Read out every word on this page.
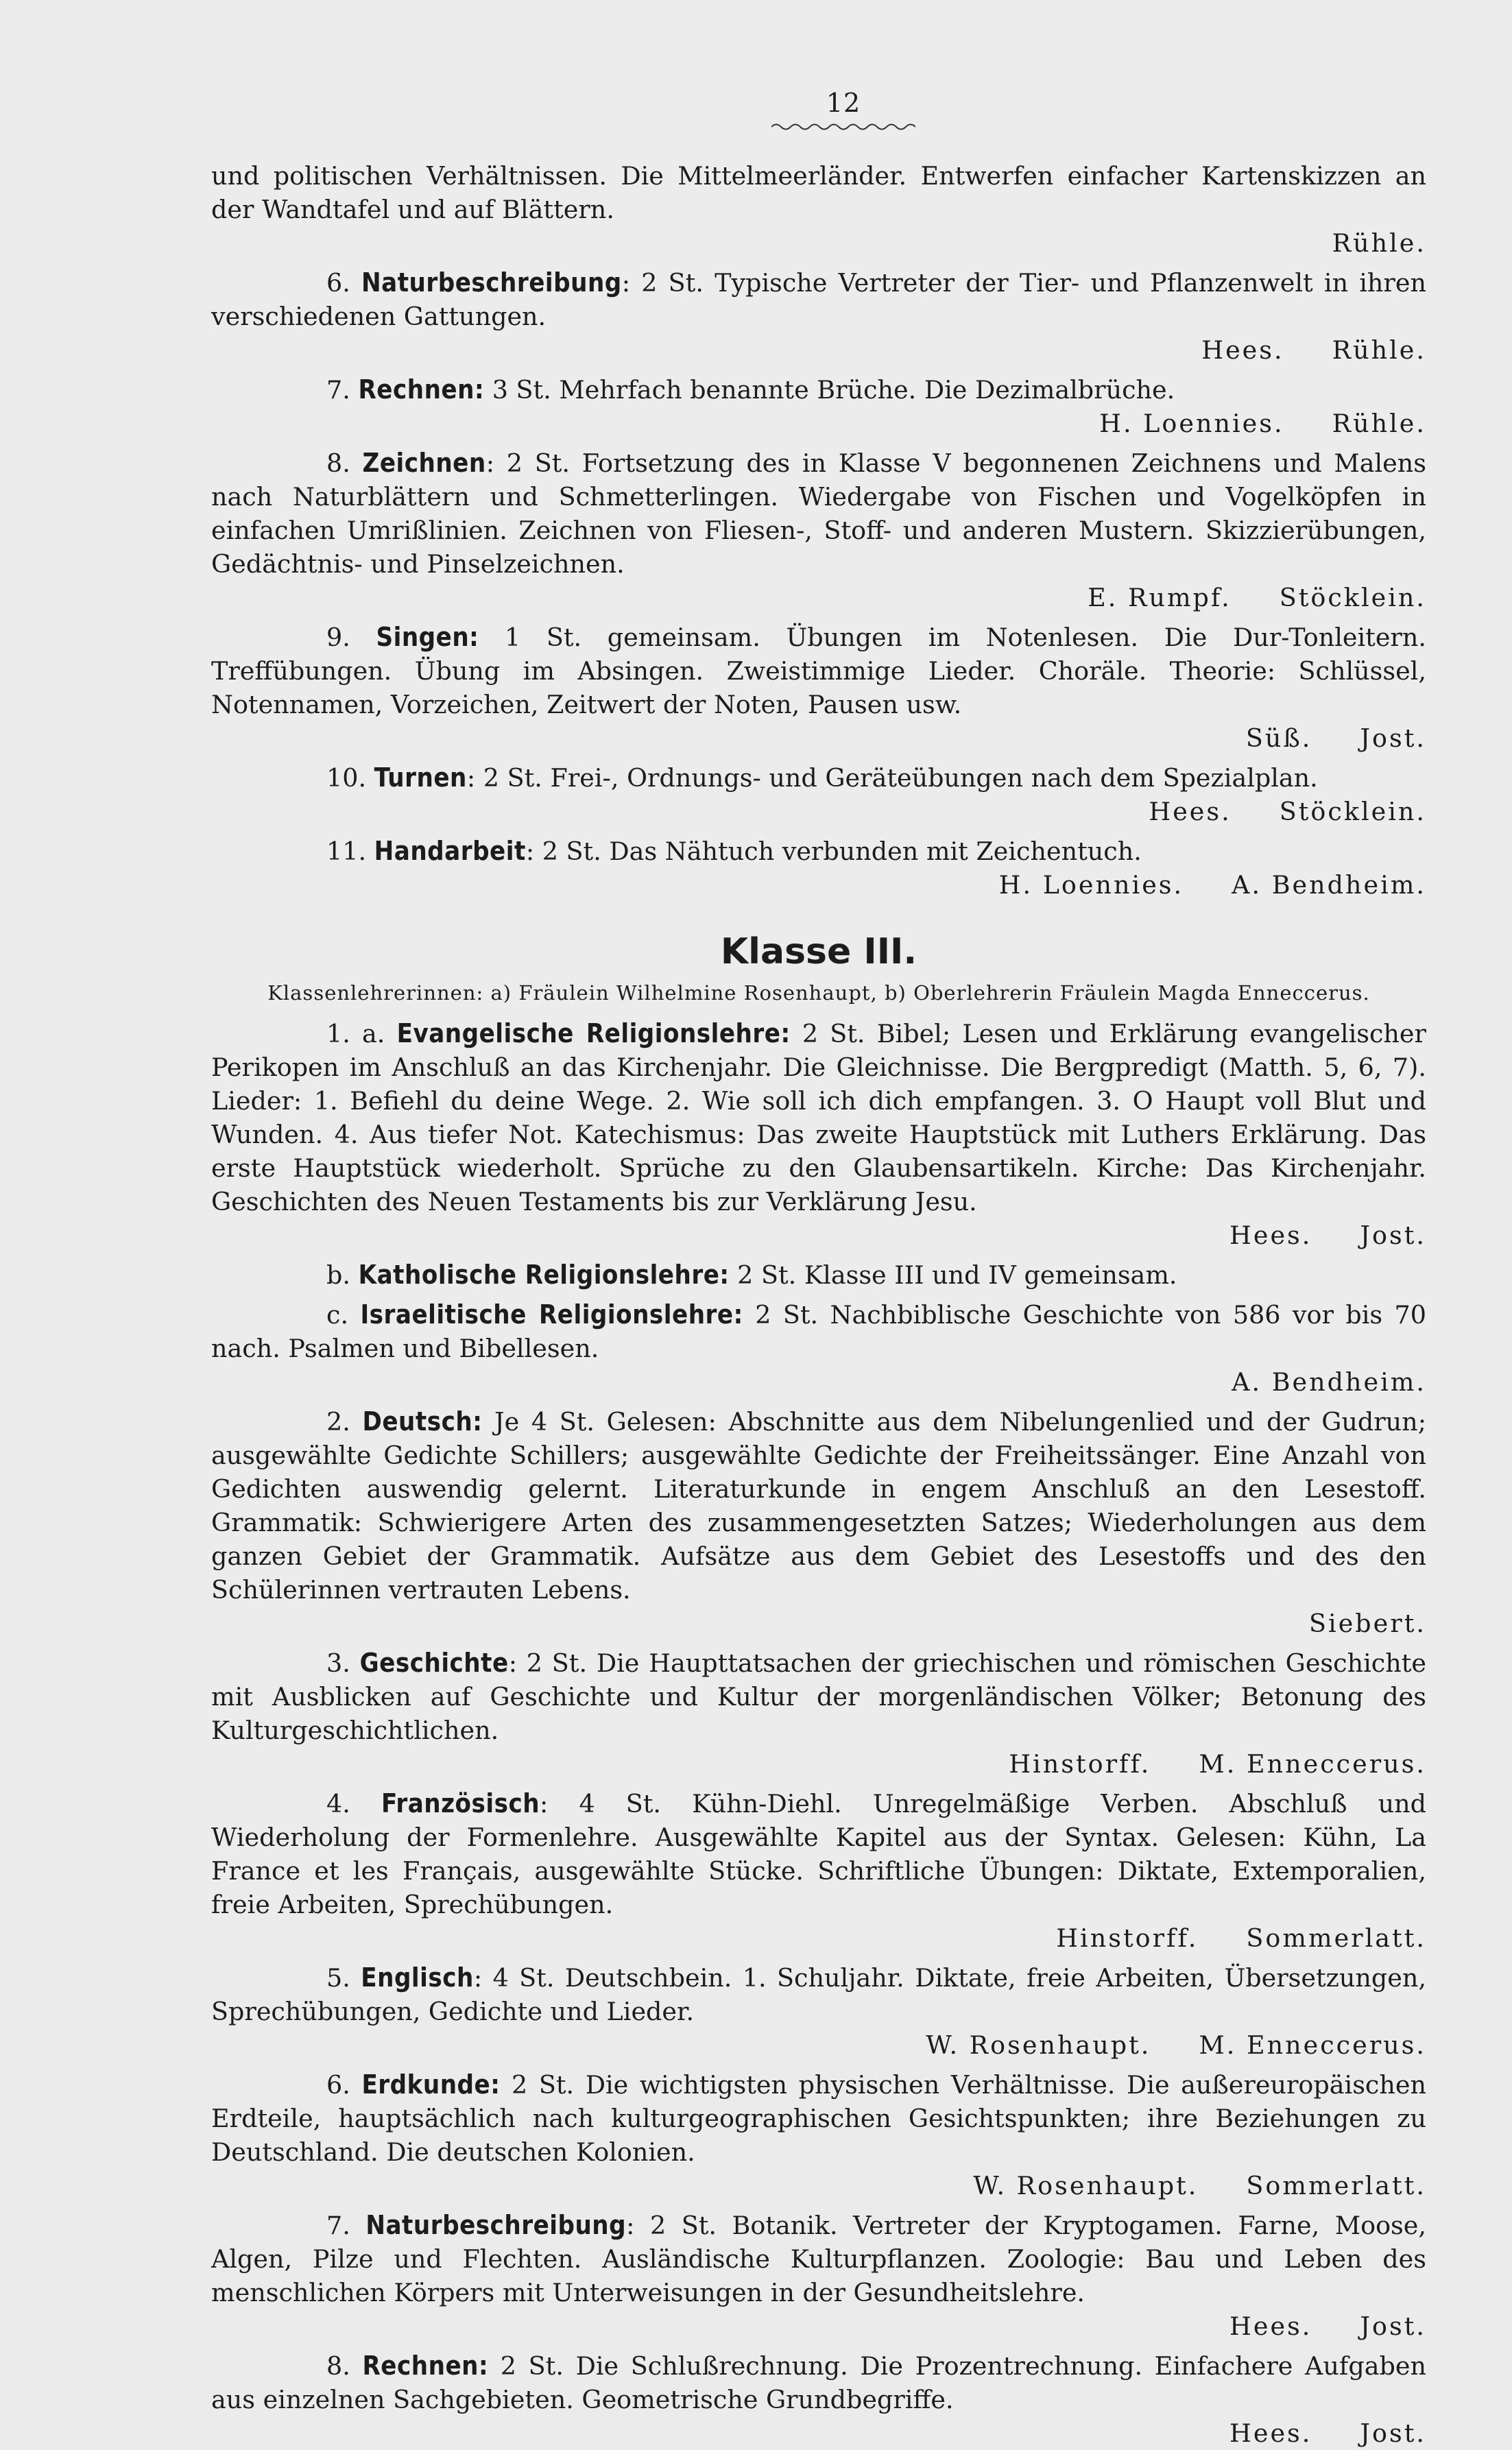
12

und politischen Verhältnissen. Die Mittelmeerländer. Entwerfen einfacher Kartenskizzen an der Wandtafel und auf Blättern.

Rühle.

6. Naturbeschreibung: 2 St. Typische Vertreter der Tier- und Pflanzenwelt in ihren verschiedenen Gattungen.

Hees. Rühle.

7. Rechnen: 3 St. Mehrfach benannte Brüche. Die Dezimalbrüche.

H. Loennies. Rühle.

8. Zeichnen: 2 St. Fortsetzung des in Klasse V begonnenen Zeichnens und Malens nach Naturblättern und Schmetterlingen. Wiedergabe von Fischen und Vogelköpfen in einfachen Umrißlinien. Zeichnen von Fliesen-, Stoff- und anderen Mustern. Skizzierübungen, Gedächtnis- und Pinselzeichnen.

E. Rumpf. Stöcklein.

9. Singen: 1 St. gemeinsam. Übungen im Notenlesen. Die Dur-Tonleitern. Treffübungen. Übung im Absingen. Zweistimmige Lieder. Choräle. Theorie: Schlüssel, Notennamen, Vorzeichen, Zeitwert der Noten, Pausen usw.

Süß. Jost.

10. Turnen: 2 St. Frei-, Ordnungs- und Geräteübungen nach dem Spezialplan.

Hees. Stöcklein.

11. Handarbeit: 2 St. Das Nähtuch verbunden mit Zeichentuch.

H. Loennies. A. Bendheim.
Klasse III.
Klassenlehrerinnen: a) Fräulein Wilhelmine Rosenhaupt, b) Oberlehrerin Fräulein Magda Enneccerus.

1. a. Evangelische Religionslehre: 2 St. Bibel; Lesen und Erklärung evangelischer Perikopen im Anschluß an das Kirchenjahr. Die Gleichnisse. Die Bergpredigt (Matth. 5, 6, 7). Lieder: 1. Befiehl du deine Wege. 2. Wie soll ich dich empfangen. 3. O Haupt voll Blut und Wunden. 4. Aus tiefer Not. Katechismus: Das zweite Hauptstück mit Luthers Erklärung. Das erste Hauptstück wiederholt. Sprüche zu den Glaubensartikeln. Kirche: Das Kirchenjahr. Geschichten des Neuen Testaments bis zur Verklärung Jesu.

Hees. Jost.

b. Katholische Religionslehre: 2 St. Klasse III und IV gemeinsam.

c. Israelitische Religionslehre: 2 St. Nachbiblische Geschichte von 586 vor bis 70 nach. Psalmen und Bibellesen.

A. Bendheim.

2. Deutsch: Je 4 St. Gelesen: Abschnitte aus dem Nibelungenlied und der Gudrun; ausgewählte Gedichte Schillers; ausgewählte Gedichte der Freiheitssänger. Eine Anzahl von Gedichten auswendig gelernt. Literaturkunde in engem Anschluß an den Lesestoff. Grammatik: Schwierigere Arten des zusammengesetzten Satzes; Wiederholungen aus dem ganzen Gebiet der Grammatik. Aufsätze aus dem Gebiet des Lesestoffs und des den Schülerinnen vertrauten Lebens.

Siebert.

3. Geschichte: 2 St. Die Haupttatsachen der griechischen und römischen Geschichte mit Ausblicken auf Geschichte und Kultur der morgenländischen Völker; Betonung des Kulturgeschichtlichen.

Hinstorff. M. Enneccerus.

4. Französisch: 4 St. Kühn-Diehl. Unregelmäßige Verben. Abschluß und Wiederholung der Formenlehre. Ausgewählte Kapitel aus der Syntax. Gelesen: Kühn, La France et les Français, ausgewählte Stücke. Schriftliche Übungen: Diktate, Extemporalien, freie Arbeiten, Sprechübungen.

Hinstorff. Sommerlatt.

5. Englisch: 4 St. Deutschbein. 1. Schuljahr. Diktate, freie Arbeiten, Übersetzungen, Sprechübungen, Gedichte und Lieder.

W. Rosenhaupt. M. Enneccerus.

6. Erdkunde: 2 St. Die wichtigsten physischen Verhältnisse. Die außereuropäischen Erdteile, hauptsächlich nach kulturgeographischen Gesichtspunkten; ihre Beziehungen zu Deutschland. Die deutschen Kolonien.

W. Rosenhaupt. Sommerlatt.

7. Naturbeschreibung: 2 St. Botanik. Vertreter der Kryptogamen. Farne, Moose, Algen, Pilze und Flechten. Ausländische Kulturpflanzen. Zoologie: Bau und Leben des menschlichen Körpers mit Unterweisungen in der Gesundheitslehre.

Hees. Jost.

8. Rechnen: 2 St. Die Schlußrechnung. Die Prozentrechnung. Einfachere Aufgaben aus einzelnen Sachgebieten. Geometrische Grundbegriffe.

Hees. Jost.
